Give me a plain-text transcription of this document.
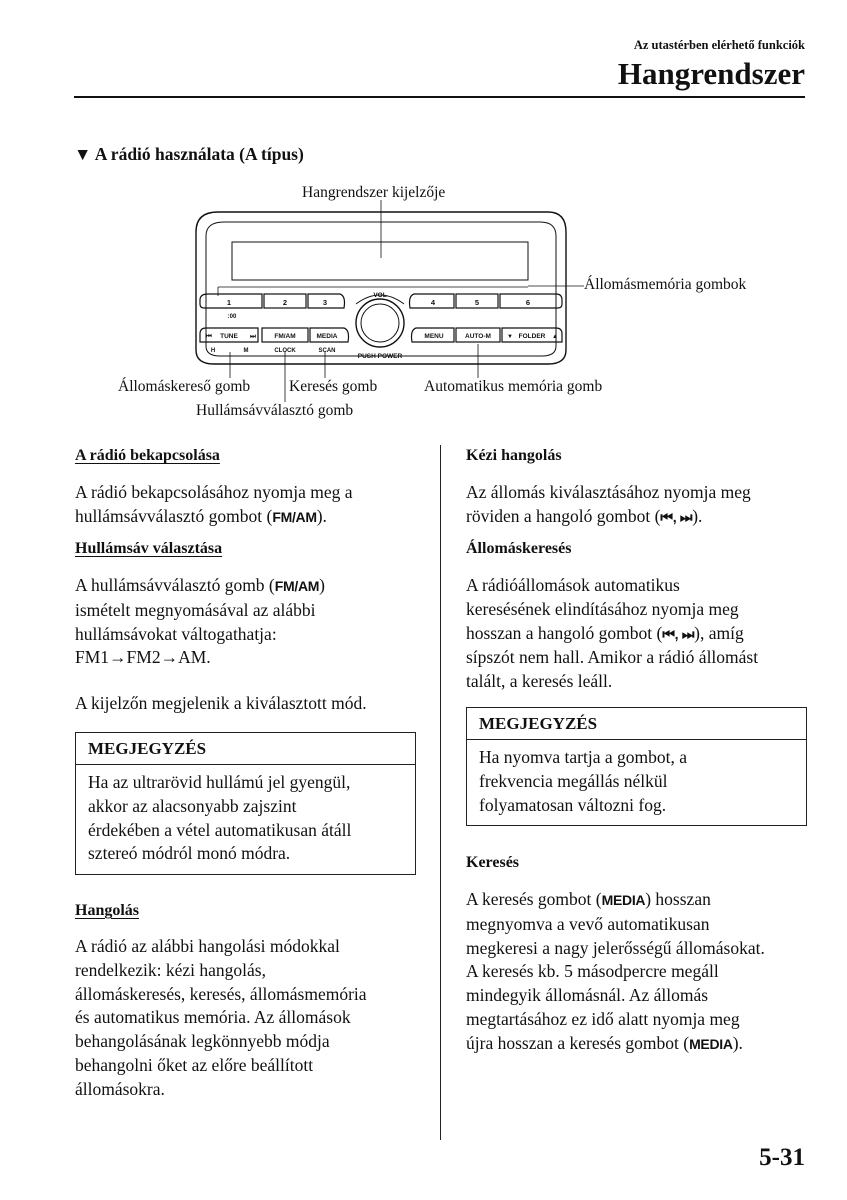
Az utastérben elérhető funkciók
Hangrendszer
▼ A rádió használata (A típus)
Hangrendszer kijelzője
Állomásmemória gombok
Állomáskereső gomb	Keresés gomb	Automatikus memória gomb
Hullámsávválasztó gomb
1	2	3	4	5	6
:00
VOL
PUSH POWER
⏮ TUNE ⏭
H	M
FM/AM
CLOCK
MEDIA
SCAN
MENU	AUTO-M	▼ FOLDER ▲
A rádió bekapcsolása
A rádió bekapcsolásához nyomja meg a
hullámsávválasztó gombot (FM/AM).
Hullámsáv választása
A hullámsávválasztó gomb (FM/AM)
ismételt megnyomásával az alábbi
hullámsávokat váltogathatja:
FM1→FM2→AM.
A kijelzőn megjelenik a kiválasztott mód.
MEGJEGYZÉS
Ha az ultrarövid hullámú jel gyengül,
akkor az alacsonyabb zajszint
érdekében a vétel automatikusan átáll
sztereó módról monó módra.
Hangolás
A rádió az alábbi hangolási módokkal
rendelkezik: kézi hangolás,
állomáskeresés, keresés, állomásmemória
és automatikus memória. Az állomások
behangolásának legkönnyebb módja
behangolni őket az előre beállított
állomásokra.
Kézi hangolás
Az állomás kiválasztásához nyomja meg
röviden a hangoló gombot (⏮, ⏭).
Állomáskeresés
A rádióállomások automatikus
keresésének elindításához nyomja meg
hosszan a hangoló gombot (⏮, ⏭), amíg
sípszót nem hall. Amikor a rádió állomást
talált, a keresés leáll.
MEGJEGYZÉS
Ha nyomva tartja a gombot, a
frekvencia megállás nélkül
folyamatosan változni fog.
Keresés
A keresés gombot (MEDIA) hosszan
megnyomva a vevő automatikusan
megkeresi a nagy jelerősségű állomásokat.
A keresés kb. 5 másodpercre megáll
mindegyik állomásnál. Az állomás
megtartásához ez idő alatt nyomja meg
újra hosszan a keresés gombot (MEDIA).
5-31
